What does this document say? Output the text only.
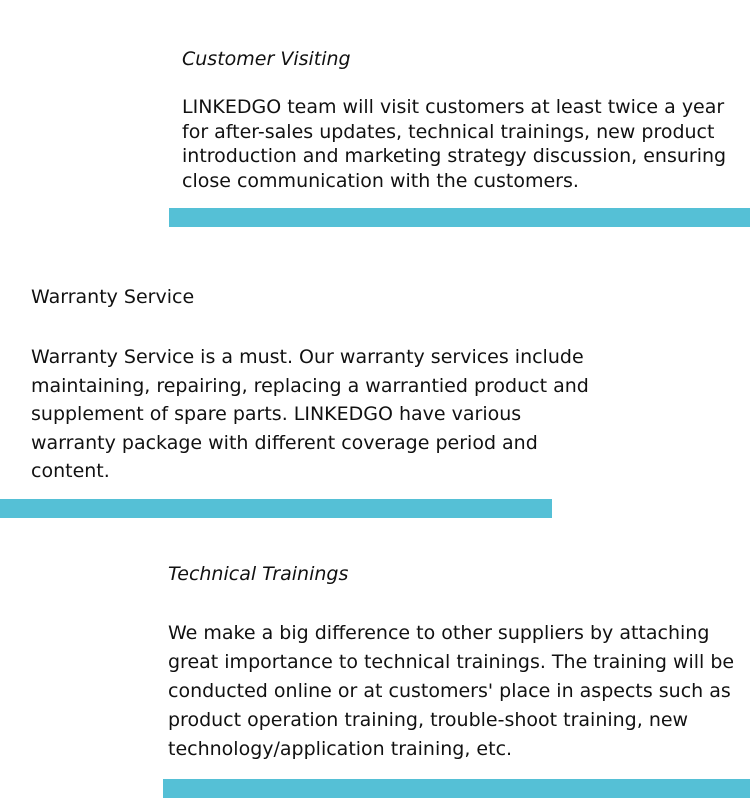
Customer Visiting

LINKEDGO team will visit customers at least twice a year for after-sales updates, technical trainings, new product introduction and marketing strategy discussion, ensuring close communication with the customers.

Warranty Service

Warranty Service is a must. Our warranty services include maintaining, repairing, replacing a warrantied product and supplement of spare parts. LINKEDGO have various warranty package with different coverage period and content.

Technical Trainings

We make a big difference to other suppliers by attaching great importance to technical trainings. The training will be conducted online or at customers' place in aspects such as product operation training, trouble-shoot training, new technology/application training, etc.
